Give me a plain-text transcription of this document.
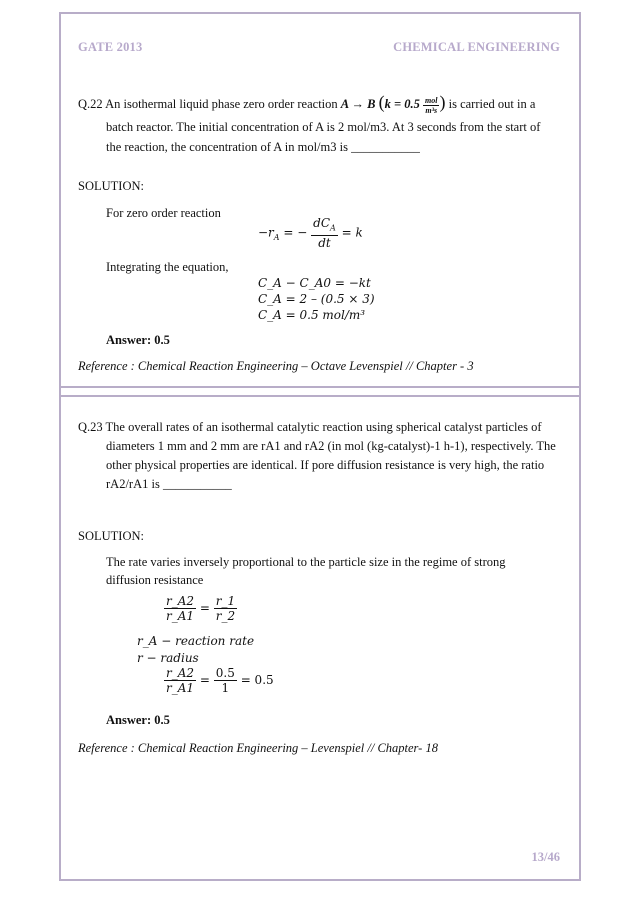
GATE 2013	CHEMICAL ENGINEERING
Q.22 An isothermal liquid phase zero order reaction A → B ($k = 0.5 \frac{\text{mol}}{\text{m³s}}$ ) is carried out in a
batch reactor. The initial concentration of A is 2 mol/m3. At 3 seconds from the start of
the reaction, the concentration of A in mol/m3 is ___________
SOLUTION:
For zero order reaction
$-r_A$ = − $\frac{dC_A}{dt} = k$
Integrating the equation,
C_A − C_A0 = −kt
C_A = 2 – (0.5 × 3)
C_A = 0.5 mol/m³
Answer: 0.5
Reference : Chemical Reaction Engineering – Octave Levenspiel // Chapter - 3
Q.23 The overall rates of an isothermal catalytic reaction using spherical catalyst particles of
diameters 1 mm and 2 mm are rA1 and rA2 (in mol (kg-catalyst)-1 h-1), respectively. The
other physical properties are identical. If pore diffusion resistance is very high, the ratio
rA2/rA1 is ___________
SOLUTION:
The rate varies inversely proportional to the particle size in the regime of strong
diffusion resistance
$\frac{r\_A2}{r\_A1} = \frac{r\_1}{r\_2}$
r_A − reaction rate
r − radius
$\frac{r\_A2}{r\_A1} = \frac{0.5}{1} = 0.5$
Answer: 0.5
Reference : Chemical Reaction Engineering – Levenspiel // Chapter- 18
13/46
